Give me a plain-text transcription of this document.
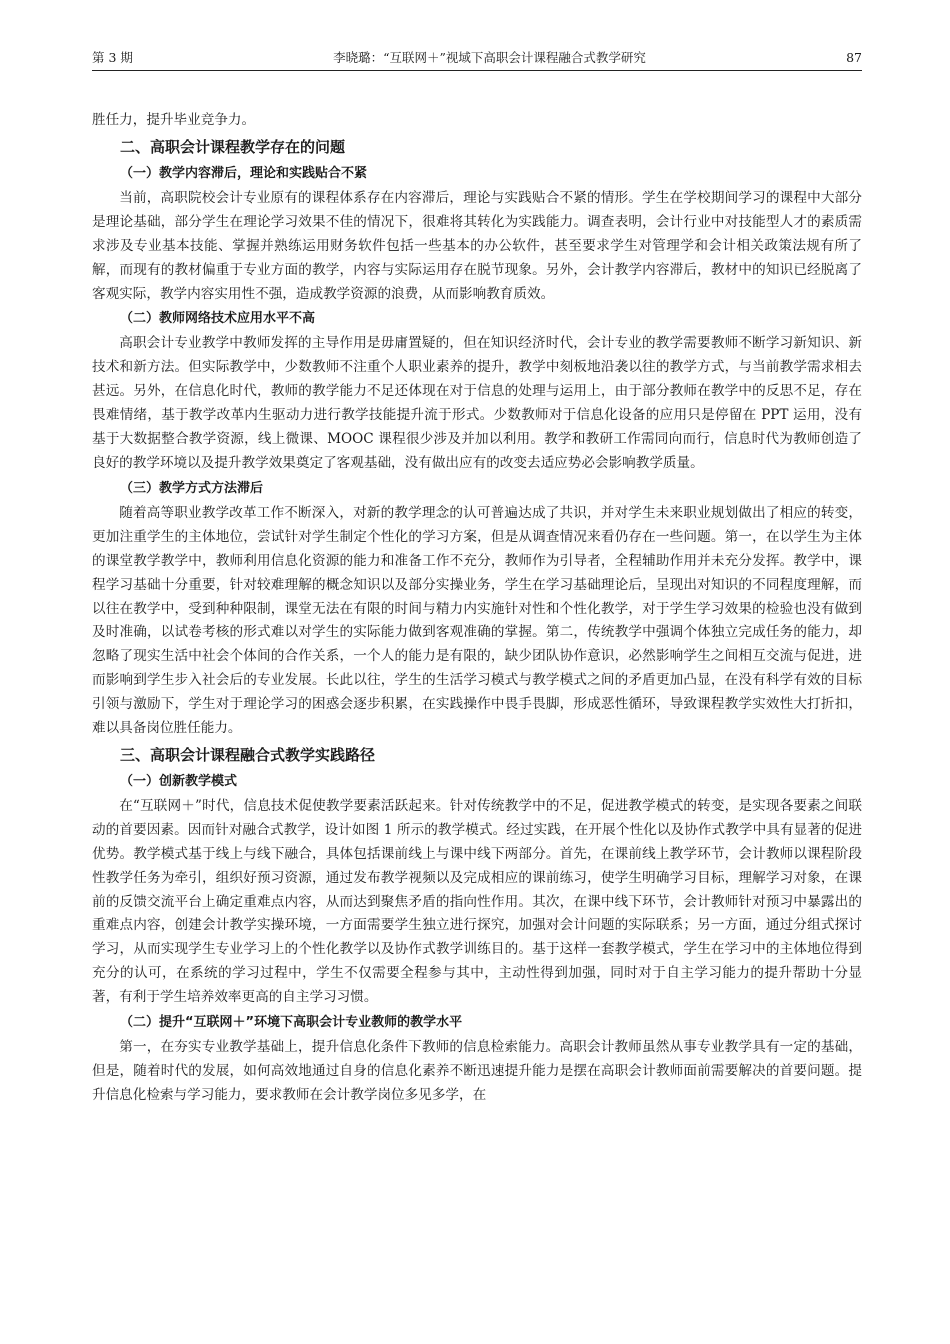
第 3 期	李晓璐：“互联网＋”视域下高职会计课程融合式教学研究	87

胜任力，提升毕业竞争力。

二、高职会计课程教学存在的问题
（一）教学内容滞后，理论和实践贴合不紧

当前，高职院校会计专业原有的课程体系存在内容滞后，理论与实践贴合不紧的情形。学生在学校期间学习的课程中大部分是理论基础，部分学生在理论学习效果不佳的情况下，很难将其转化为实践能力。调查表明，会计行业中对技能型人才的素质需求涉及专业基本技能、掌握并熟练运用财务软件包括一些基本的办公软件，甚至要求学生对管理学和会计相关政策法规有所了解，而现有的教材偏重于专业方面的教学，内容与实际运用存在脱节现象。另外，会计教学内容滞后，教材中的知识已经脱离了客观实际，教学内容实用性不强，造成教学资源的浪费，从而影响教育质效。

（二）教师网络技术应用水平不高

高职会计专业教学中教师发挥的主导作用是毋庸置疑的，但在知识经济时代，会计专业的教学需要教师不断学习新知识、新技术和新方法。但实际教学中，少数教师不注重个人职业素养的提升，教学中刻板地沿袭以往的教学方式，与当前教学需求相去甚远。另外，在信息化时代，教师的教学能力不足还体现在对于信息的处理与运用上，由于部分教师在教学中的反思不足，存在畏难情绪，基于教学改革内生驱动力进行教学技能提升流于形式。少数教师对于信息化设备的应用只是停留在 PPT 运用，没有基于大数据整合教学资源，线上微课、MOOC 课程很少涉及并加以利用。教学和教研工作需同向而行，信息时代为教师创造了良好的教学环境以及提升教学效果奠定了客观基础，没有做出应有的改变去适应势必会影响教学质量。

（三）教学方式方法滞后

随着高等职业教学改革工作不断深入，对新的教学理念的认可普遍达成了共识，并对学生未来职业规划做出了相应的转变，更加注重学生的主体地位，尝试针对学生制定个性化的学习方案，但是从调查情况来看仍存在一些问题。第一，在以学生为主体的课堂教学教学中，教师利用信息化资源的能力和准备工作不充分，教师作为引导者，全程辅助作用并未充分发挥。教学中，课程学习基础十分重要，针对较难理解的概念知识以及部分实操业务，学生在学习基础理论后，呈现出对知识的不同程度理解，而以往在教学中，受到种种限制，课堂无法在有限的时间与精力内实施针对性和个性化教学，对于学生学习效果的检验也没有做到及时准确，以试卷考核的形式难以对学生的实际能力做到客观准确的掌握。第二，传统教学中强调个体独立完成任务的能力，却忽略了现实生活中社会个体间的合作关系，一个人的能力是有限的，缺少团队协作意识，必然影响学生之间相互交流与促进，进而影响到学生步入社会后的专业发展。长此以往，学生的生活学习模式与教学模式之间的矛盾更加凸显，在没有科学有效的目标引领与激励下，学生对于理论学习的困惑会逐步积累，在实践操作中畏手畏脚，形成恶性循环，导致课程教学实效性大打折扣，难以具备岗位胜任能力。

三、高职会计课程融合式教学实践路径
（一）创新教学模式

在“互联网＋”时代，信息技术促使教学要素活跃起来。针对传统教学中的不足，促进教学模式的转变，是实现各要素之间联动的首要因素。因而针对融合式教学，设计如图 1 所示的教学模式。经过实践，在开展个性化以及协作式教学中具有显著的促进优势。教学模式基于线上与线下融合，具体包括课前线上与课中线下两部分。首先，在课前线上教学环节，会计教师以课程阶段性教学任务为牵引，组织好预习资源，通过发布教学视频以及完成相应的课前练习，使学生明确学习目标，理解学习对象，在课前的反馈交流平台上确定重难点内容，从而达到聚焦矛盾的指向性作用。其次，在课中线下环节，会计教师针对预习中暴露出的重难点内容，创建会计教学实操环境，一方面需要学生独立进行探究，加强对会计问题的实际联系；另一方面，通过分组式探讨学习，从而实现学生专业学习上的个性化教学以及协作式教学训练目的。基于这样一套教学模式，学生在学习中的主体地位得到充分的认可，在系统的学习过程中，学生不仅需要全程参与其中，主动性得到加强，同时对于自主学习能力的提升帮助十分显著，有利于学生培养效率更高的自主学习习惯。

（二）提升“互联网＋”环境下高职会计专业教师的教学水平

第一，在夯实专业教学基础上，提升信息化条件下教师的信息检索能力。高职会计教师虽然从事专业教学具有一定的基础，但是，随着时代的发展，如何高效地通过自身的信息化素养不断迅速提升能力是摆在高职会计教师面前需要解决的首要问题。提升信息化检索与学习能力，要求教师在会计教学岗位多见多学，在
